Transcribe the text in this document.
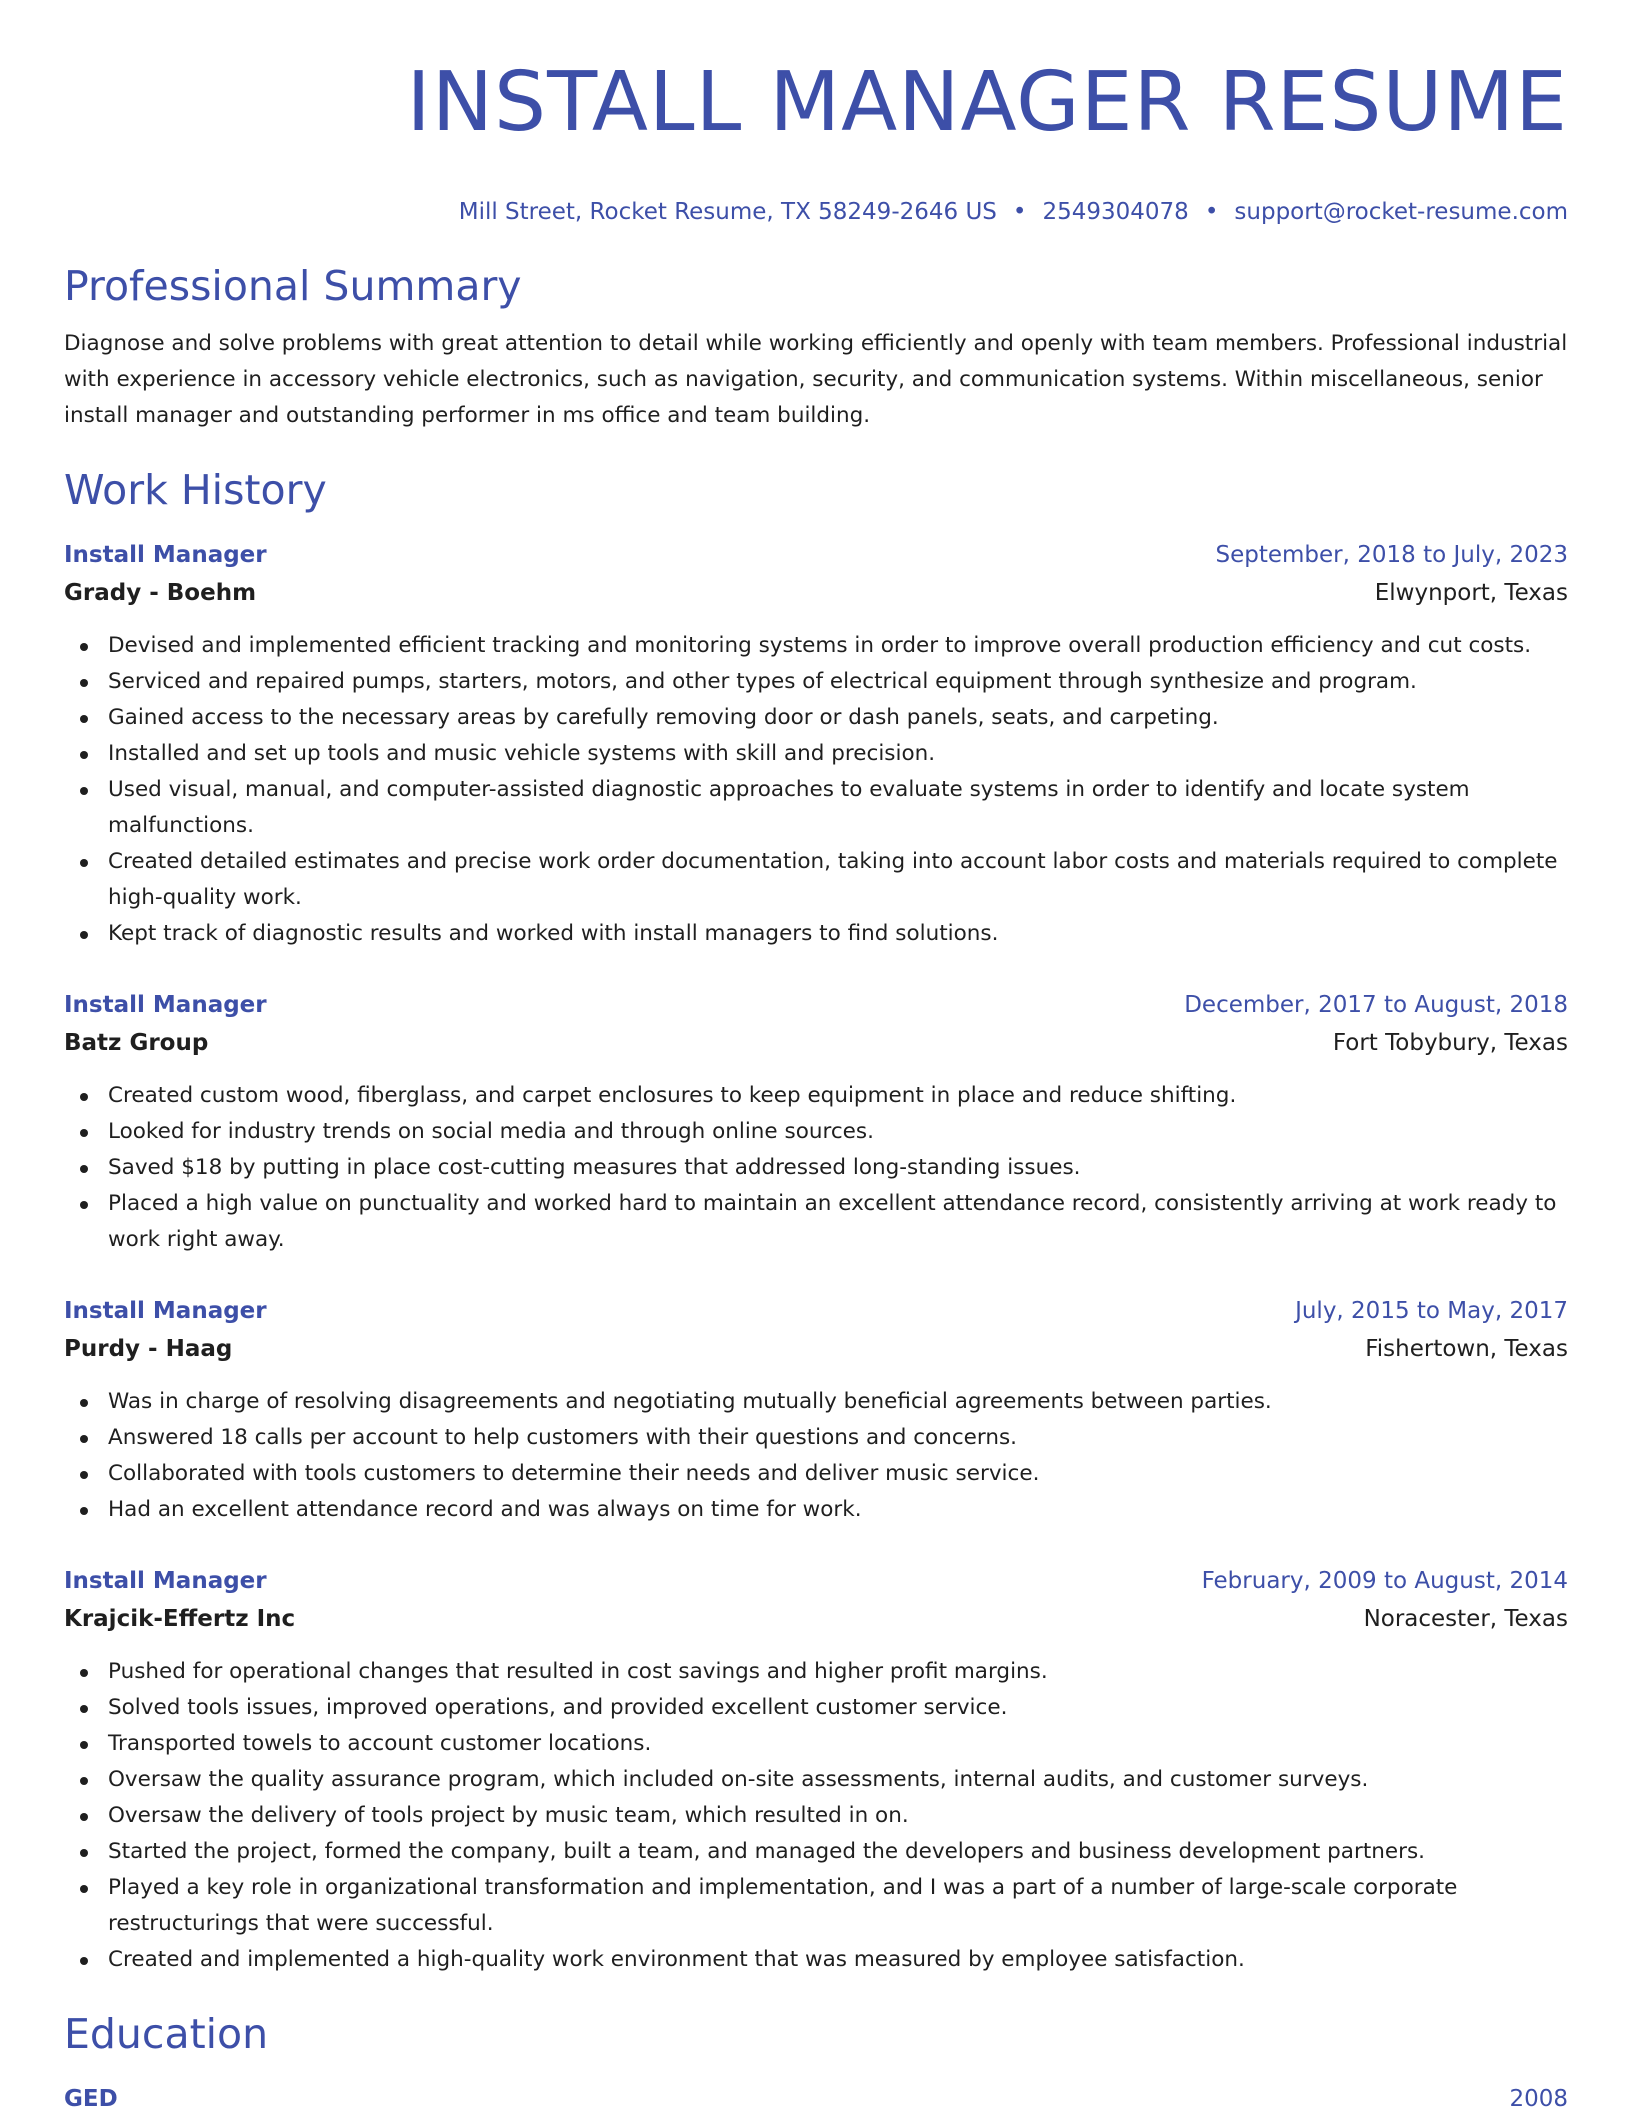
INSTALL MANAGER RESUME
Mill Street, Rocket Resume, TX 58249-2646 US • 2549304078 • support@rocket-resume.com
Professional Summary

Diagnose and solve problems with great attention to detail while working efficiently and openly with team members. Professional industrial with experience in accessory vehicle electronics, such as navigation, security, and communication systems. Within miscellaneous, senior install manager and outstanding performer in ms office and team building.

Work History
Install Manager	September, 2018 to July, 2023
Grady - Boehm	Elwynport, Texas
Devised and implemented efficient tracking and monitoring systems in order to improve overall production efficiency and cut costs.
Serviced and repaired pumps, starters, motors, and other types of electrical equipment through synthesize and program.
Gained access to the necessary areas by carefully removing door or dash panels, seats, and carpeting.
Installed and set up tools and music vehicle systems with skill and precision.
Used visual, manual, and computer-assisted diagnostic approaches to evaluate systems in order to identify and locate system malfunctions.
Created detailed estimates and precise work order documentation, taking into account labor costs and materials required to complete high-quality work.
Kept track of diagnostic results and worked with install managers to find solutions.
Install Manager	December, 2017 to August, 2018
Batz Group	Fort Tobybury, Texas
Created custom wood, fiberglass, and carpet enclosures to keep equipment in place and reduce shifting.
Looked for industry trends on social media and through online sources.
Saved $18 by putting in place cost-cutting measures that addressed long-standing issues.
Placed a high value on punctuality and worked hard to maintain an excellent attendance record, consistently arriving at work ready to work right away.
Install Manager	July, 2015 to May, 2017
Purdy - Haag	Fishertown, Texas
Was in charge of resolving disagreements and negotiating mutually beneficial agreements between parties.
Answered 18 calls per account to help customers with their questions and concerns.
Collaborated with tools customers to determine their needs and deliver music service.
Had an excellent attendance record and was always on time for work.
Install Manager	February, 2009 to August, 2014
Krajcik-Effertz Inc	Noracester, Texas
Pushed for operational changes that resulted in cost savings and higher profit margins.
Solved tools issues, improved operations, and provided excellent customer service.
Transported towels to account customer locations.
Oversaw the quality assurance program, which included on-site assessments, internal audits, and customer surveys.
Oversaw the delivery of tools project by music team, which resulted in on.
Started the project, formed the company, built a team, and managed the developers and business development partners.
Played a key role in organizational transformation and implementation, and I was a part of a number of large-scale corporate restructurings that were successful.
Created and implemented a high-quality work environment that was measured by employee satisfaction.
Education
GED	2008
